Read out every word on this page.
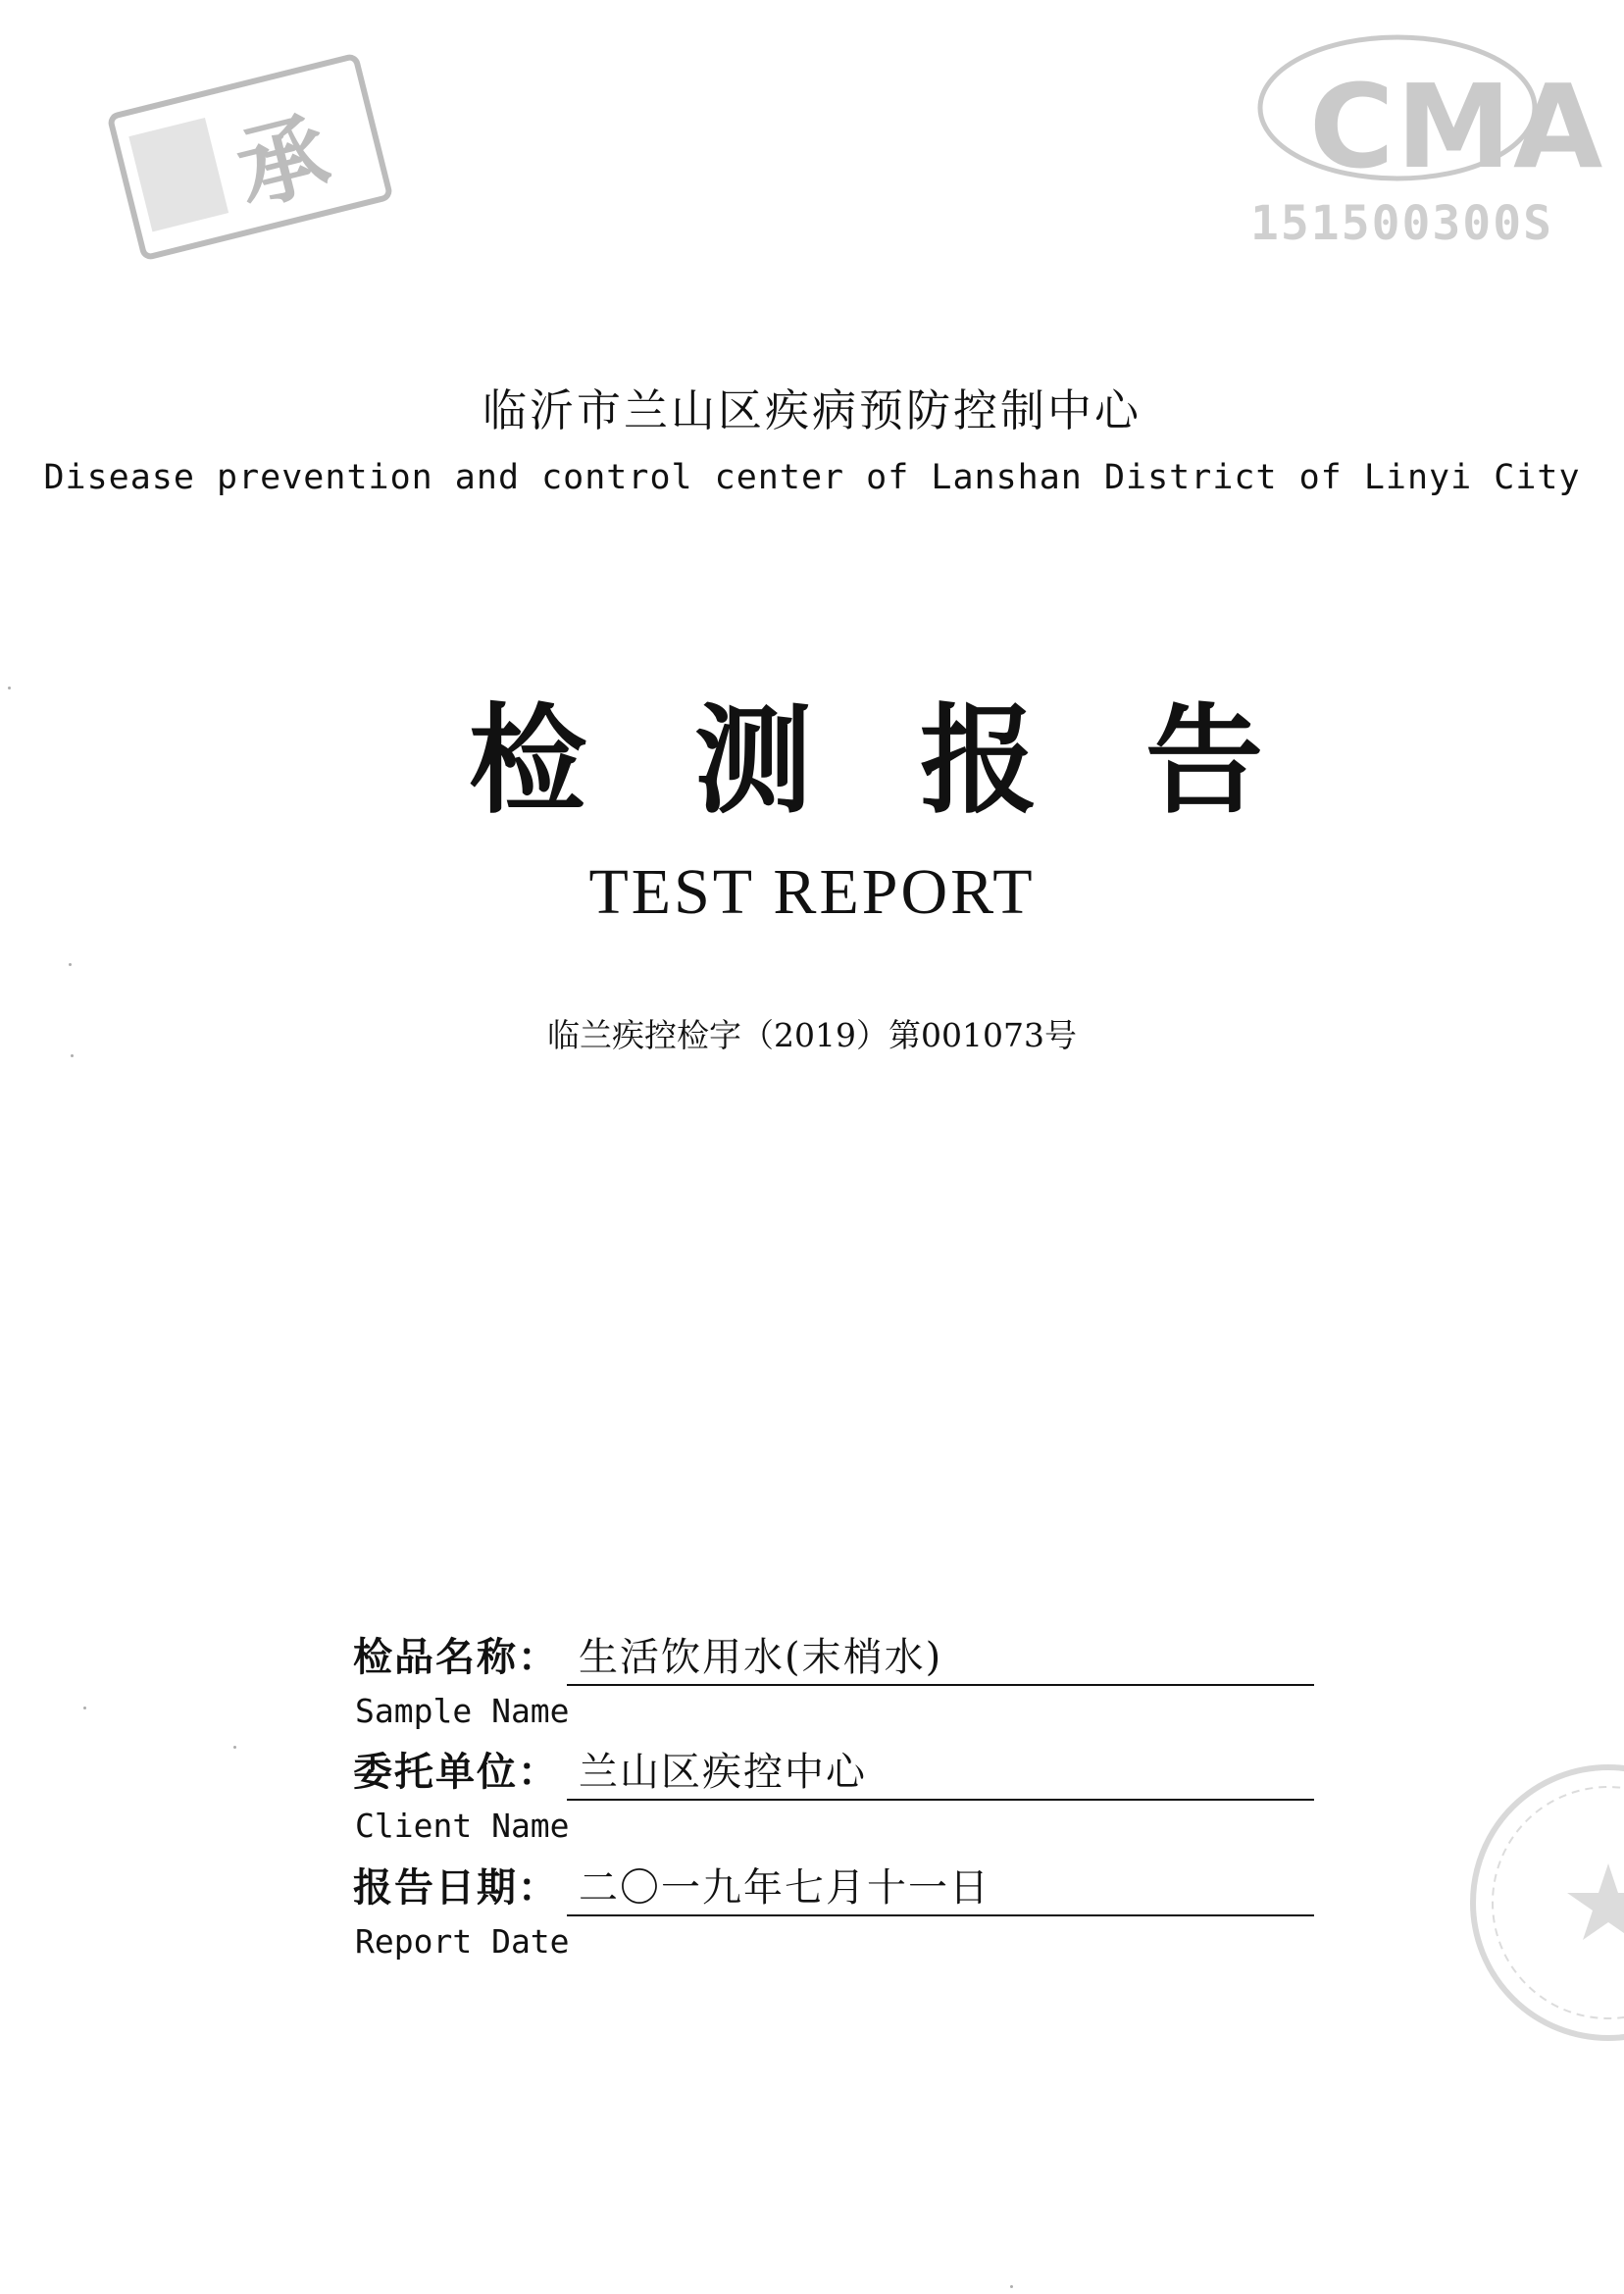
承	CMA
151500300S
临沂市兰山区疾病预防控制中心
Disease prevention and control center of Lanshan District of Linyi City
检测报告
TEST REPORT
临兰疾控检字（2019）第001073号
检品名称： 生活饮用水(末梢水)
Sample Name
委托单位： 兰山区疾控中心
Client Name
报告日期： 二〇一九年七月十一日
Report Date
